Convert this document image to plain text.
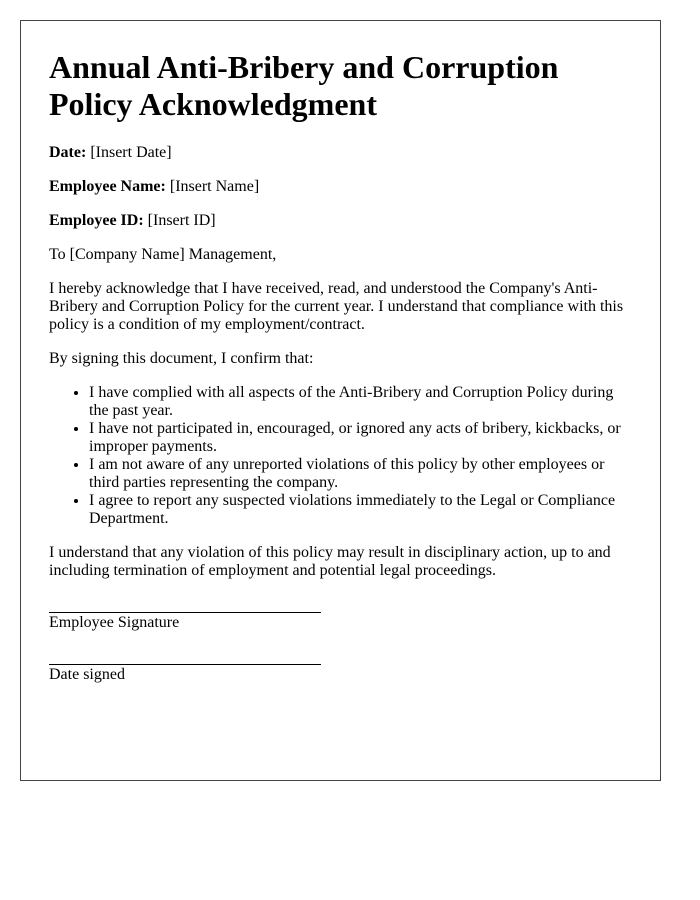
Annual Anti-Bribery and Corruption Policy Acknowledgment

Date: [Insert Date]

Employee Name: [Insert Name]

Employee ID: [Insert ID]

To [Company Name] Management,

I hereby acknowledge that I have received, read, and understood the Company's Anti-Bribery and Corruption Policy for the current year. I understand that compliance with this policy is a condition of my employment/contract.

By signing this document, I confirm that:

• I have complied with all aspects of the Anti-Bribery and Corruption Policy during the past year.
• I have not participated in, encouraged, or ignored any acts of bribery, kickbacks, or improper payments.
• I am not aware of any unreported violations of this policy by other employees or third parties representing the company.
• I agree to report any suspected violations immediately to the Legal or Compliance Department.

I understand that any violation of this policy may result in disciplinary action, up to and including termination of employment and potential legal proceedings.

Employee Signature
Date signed
